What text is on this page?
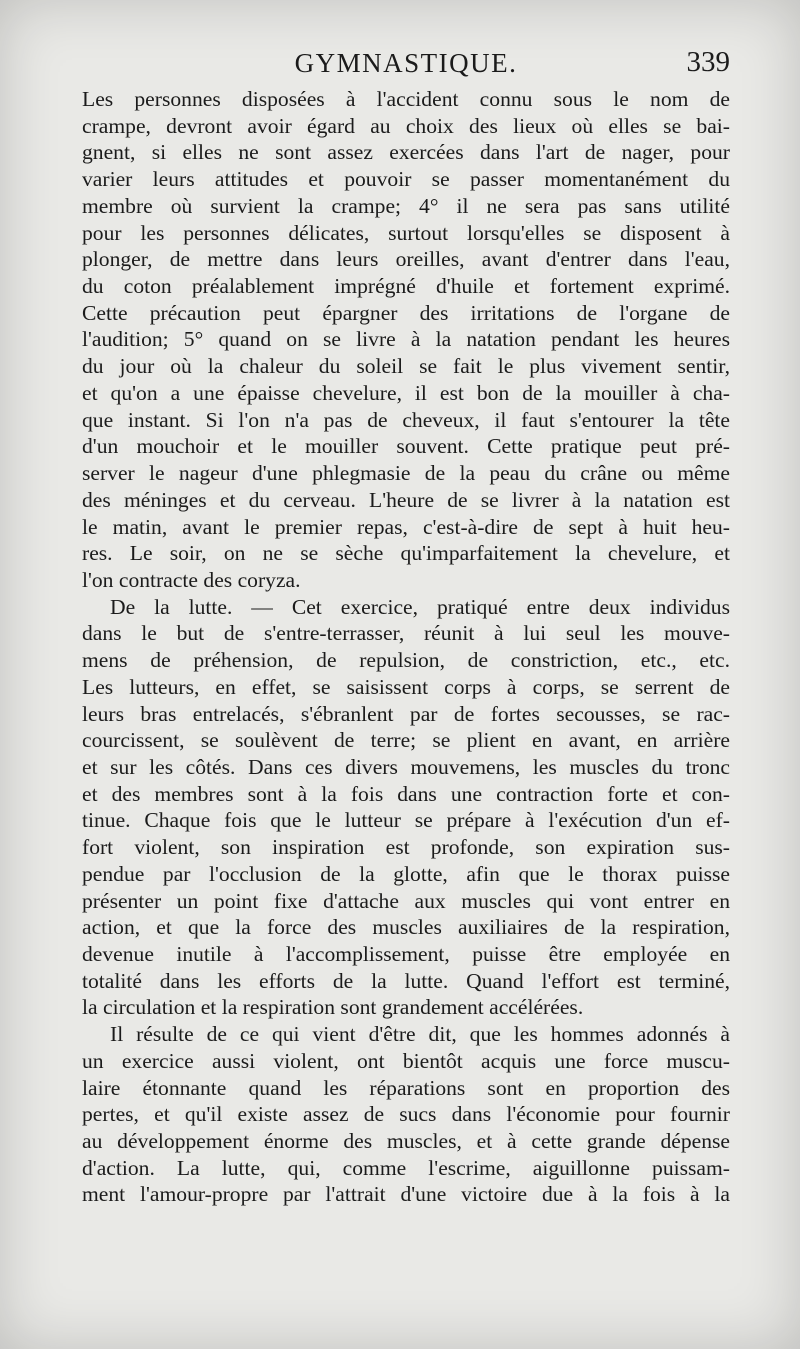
GYMNASTIQUE.	339
Les personnes disposées à l'accident connu sous le nom de
crampe, devront avoir égard au choix des lieux où elles se bai-
gnent, si elles ne sont assez exercées dans l'art de nager, pour
varier leurs attitudes et pouvoir se passer momentanément du
membre où survient la crampe; 4° il ne sera pas sans utilité
pour les personnes délicates, surtout lorsqu'elles se disposent à
plonger, de mettre dans leurs oreilles, avant d'entrer dans l'eau,
du coton préalablement imprégné d'huile et fortement exprimé.
Cette précaution peut épargner des irritations de l'organe de
l'audition; 5° quand on se livre à la natation pendant les heures
du jour où la chaleur du soleil se fait le plus vivement sentir,
et qu'on a une épaisse chevelure, il est bon de la mouiller à cha-
que instant. Si l'on n'a pas de cheveux, il faut s'entourer la tête
d'un mouchoir et le mouiller souvent. Cette pratique peut pré-
server le nageur d'une phlegmasie de la peau du crâne ou même
des méninges et du cerveau. L'heure de se livrer à la natation est
le matin, avant le premier repas, c'est-à-dire de sept à huit heu-
res. Le soir, on ne se sèche qu'imparfaitement la chevelure, et
l'on contracte des coryza.
De la lutte. — Cet exercice, pratiqué entre deux individus
dans le but de s'entre-terrasser, réunit à lui seul les mouve-
mens de préhension, de repulsion, de constriction, etc., etc.
Les lutteurs, en effet, se saisissent corps à corps, se serrent de
leurs bras entrelacés, s'ébranlent par de fortes secousses, se rac-
courcissent, se soulèvent de terre; se plient en avant, en arrière
et sur les côtés. Dans ces divers mouvemens, les muscles du tronc
et des membres sont à la fois dans une contraction forte et con-
tinue. Chaque fois que le lutteur se prépare à l'exécution d'un ef-
fort violent, son inspiration est profonde, son expiration sus-
pendue par l'occlusion de la glotte, afin que le thorax puisse
présenter un point fixe d'attache aux muscles qui vont entrer en
action, et que la force des muscles auxiliaires de la respiration,
devenue inutile à l'accomplissement, puisse être employée en
totalité dans les efforts de la lutte. Quand l'effort est terminé,
la circulation et la respiration sont grandement accélérées.
Il résulte de ce qui vient d'être dit, que les hommes adonnés à
un exercice aussi violent, ont bientôt acquis une force muscu-
laire étonnante quand les réparations sont en proportion des
pertes, et qu'il existe assez de sucs dans l'économie pour fournir
au développement énorme des muscles, et à cette grande dépense
d'action. La lutte, qui, comme l'escrime, aiguillonne puissam-
ment l'amour-propre par l'attrait d'une victoire due à la fois à la
